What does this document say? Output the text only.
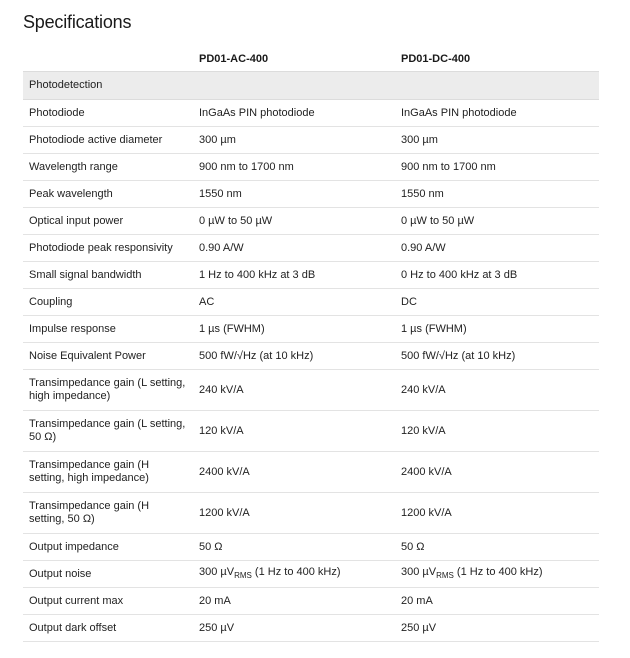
Specifications
	PD01-AC-400	PD01-DC-400
Photodetection		
Photodiode	InGaAs PIN photodiode	InGaAs PIN photodiode
Photodiode active diameter	300 µm	300 µm
Wavelength range	900 nm to 1700 nm	900 nm to 1700 nm
Peak wavelength	1550 nm	1550 nm
Optical input power	0 µW to 50 µW	0 µW to 50 µW
Photodiode peak responsivity	0.90 A/W	0.90 A/W
Small signal bandwidth	1 Hz to 400 kHz at 3 dB	0 Hz to 400 kHz at 3 dB
Coupling	AC	DC
Impulse response	1 µs (FWHM)	1 µs (FWHM)
Noise Equivalent Power	500 fW/√Hz (at 10 kHz)	500 fW/√Hz (at 10 kHz)
Transimpedance gain (L setting, high impedance)	240 kV/A	240 kV/A
Transimpedance gain (L setting, 50 Ω)	120 kV/A	120 kV/A
Transimpedance gain (H setting, high impedance)	2400 kV/A	2400 kV/A
Transimpedance gain (H setting, 50 Ω)	1200 kV/A	1200 kV/A
Output impedance	50 Ω	50 Ω
Output noise	300 µV$_{RMS}$ (1 Hz to 400 kHz)	300 µV$_{RMS}$ (1 Hz to 400 kHz)
Output current max	20 mA	20 mA
Output dark offset	250 µV	250 µV
